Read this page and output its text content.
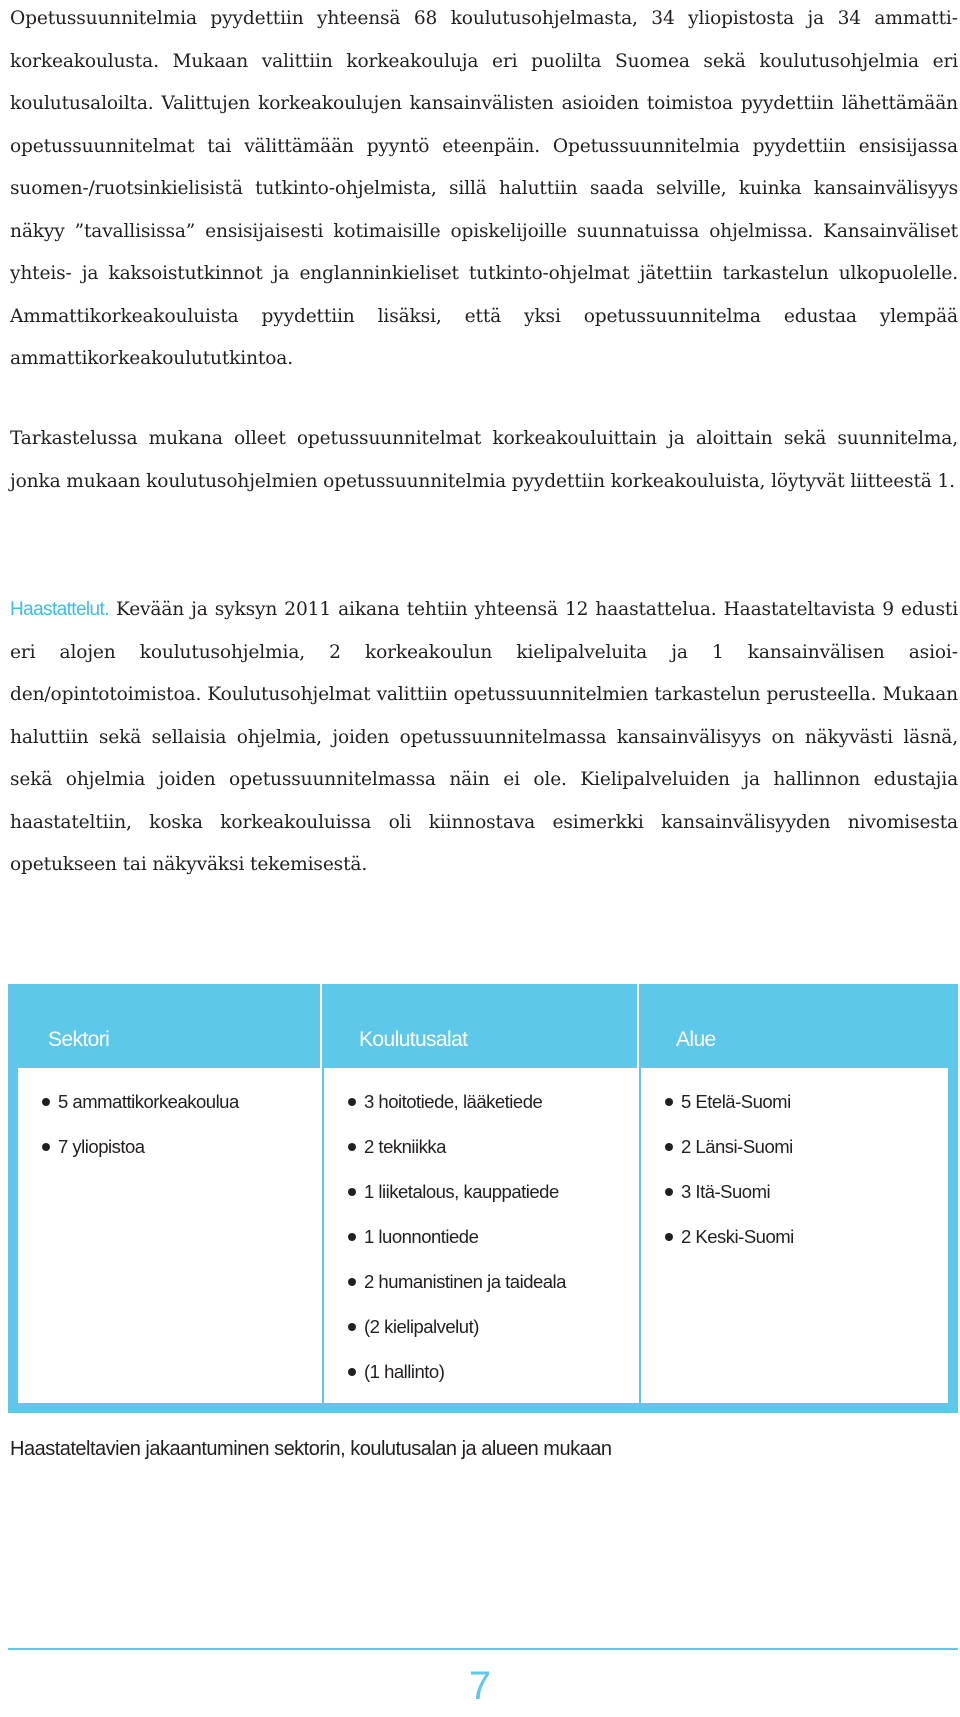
Opetussuunnitelmia pyydettiin yhteensä 68 koulutusohjelmasta, 34 yliopistosta ja 34 ammattikorkeakoulusta. Mukaan valittiin korkeakouluja eri puolilta Suomea sekä koulutusohjelmia eri koulutusaloilta. Valittujen korkeakoulujen kansainvälisten asioiden toimistoa pyydettiin lähettämään opetussuunnitelmat tai välittämään pyyntö eteenpäin. Opetussuunnitelmia pyydettiin ensisijassa suomen-/ruotsinkielisistä tutkinto-ohjelmista, sillä haluttiin saada selville, kuinka kansainvälisyys näkyy ”tavallisissa” ensisijaisesti kotimaisille opiskelijoille suunnatuissa ohjelmissa. Kansainväliset yhteis- ja kaksoistutkinnot ja englanninkieliset tutkinto-ohjelmat jätettiin tarkastelun ulkopuolelle. Ammattikorkeakouluista pyydettiin lisäksi, että yksi opetussuunnitelma edustaa ylempää ammattikorkeakoulututkintoa.

Tarkastelussa mukana olleet opetussuunnitelmat korkeakouluittain ja aloittain sekä suunnitelma, jonka mukaan koulutusohjelmien opetussuunnitelmia pyydettiin korkeakouluista, löytyvät liitteestä 1.

Haastattelut. Kevään ja syksyn 2011 aikana tehtiin yhteensä 12 haastattelua. Haastateltavista 9 edusti eri alojen koulutusohjelmia, 2 korkeakoulun kielipalveluita ja 1 kansainvälisen asioiden/opintotoimistoa. Koulutusohjelmat valittiin opetussuunnitelmien tarkastelun perusteella. Mukaan haluttiin sekä sellaisia ohjelmia, joiden opetussuunnitelmassa kansainvälisyys on näkyvästi läsnä, sekä ohjelmia joiden opetussuunnitelmassa näin ei ole. Kielipalveluiden ja hallinnon edustajia haastateltiin, koska korkeakouluissa oli kiinnostava esimerkki kansainvälisyyden nivomisesta opetukseen tai näkyväksi tekemisestä.

Sektori	Koulutusalat	Alue
5 ammattikorkeakoulua
7 yliopistoa
3 hoitotiede, lääketiede
2 tekniikka
1 liiketalous, kauppatiede
1 luonnontiede
2 humanistinen ja taideala
(2 kielipalvelut)
(1 hallinto)
5 Etelä-Suomi
2 Länsi-Suomi
3 Itä-Suomi
2 Keski-Suomi
Haastateltavien jakaantuminen sektorin, koulutusalan ja alueen mukaan
7
